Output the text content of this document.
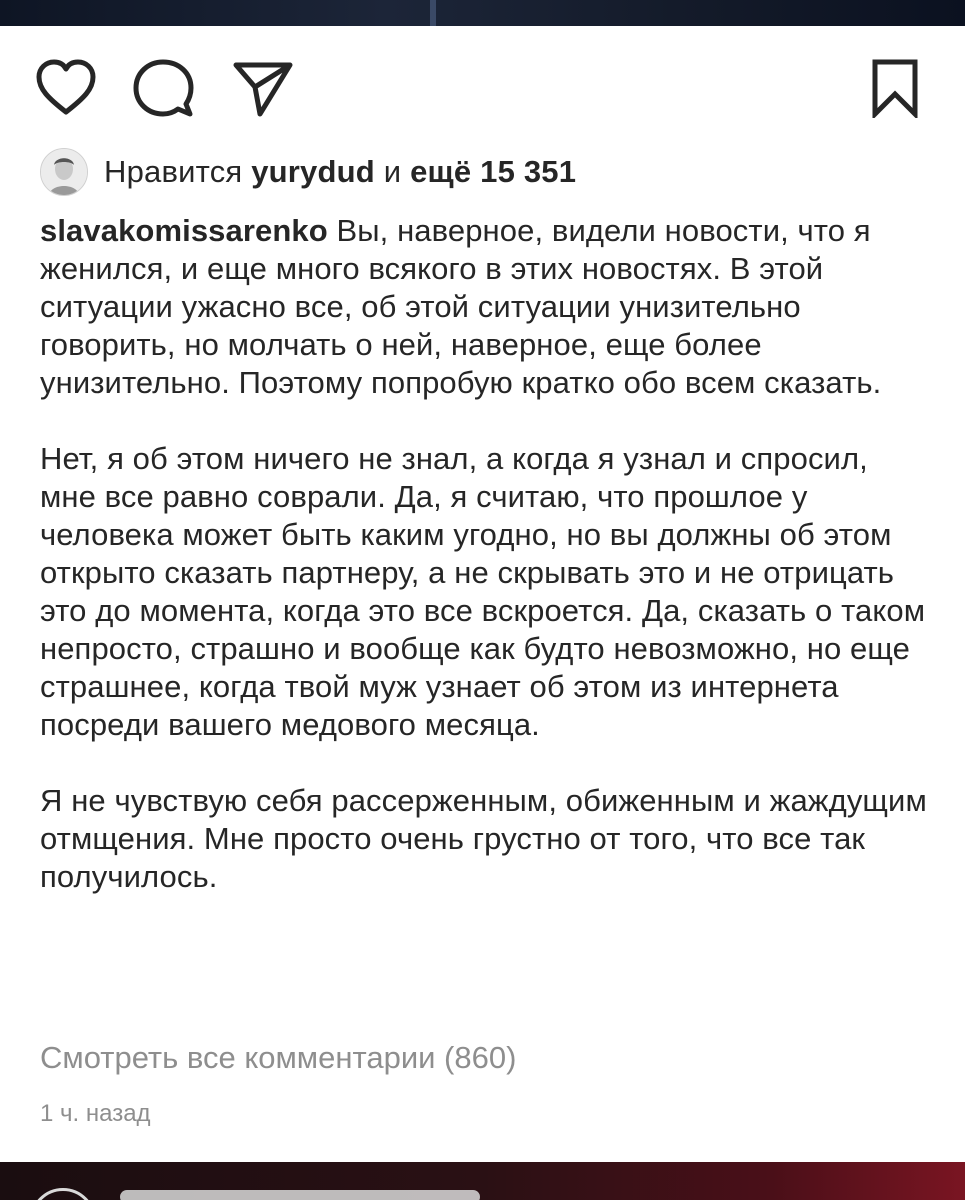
Нравится yurydud и ещё 15 351

slavakomissarenko Вы, наверное, видели новости, что я женился, и еще много всякого в этих новостях. В этой ситуации ужасно все, об этой ситуации унизительно говорить, но молчать о ней, наверное, еще более унизительно. Поэтому попробую кратко обо всем сказать.

Нет, я об этом ничего не знал, а когда я узнал и спросил, мне все равно соврали. Да, я считаю, что прошлое у человека может быть каким угодно, но вы должны об этом открыто сказать партнеру, а не скрывать это и не отрицать это до момента, когда это все вскроется. Да, сказать о таком непросто, страшно и вообще как будто невозможно, но еще страшнее, когда твой муж узнает об этом из интернета посреди вашего медового месяца.

Я не чувствую себя рассерженным, обиженным и жаждущим отмщения. Мне просто очень грустно от того, что все так получилось.

Смотреть все комментарии (860)
1 ч. назад
